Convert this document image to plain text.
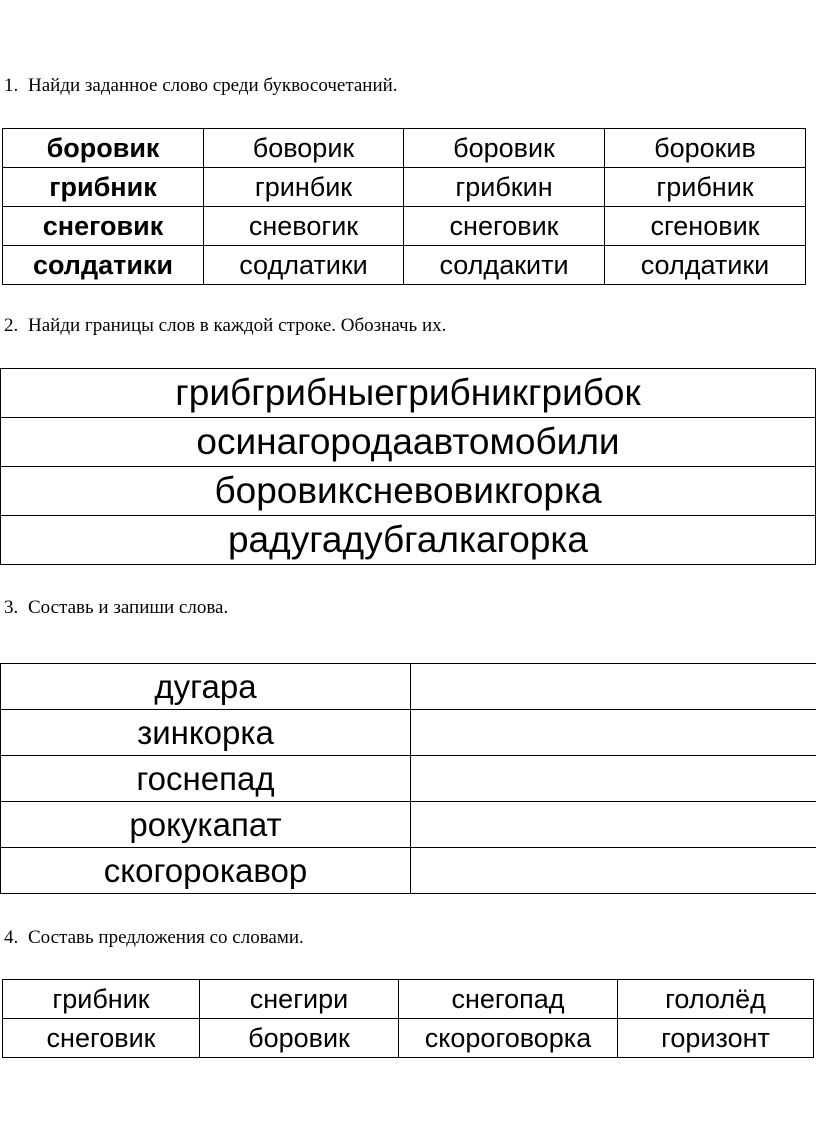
1. Найди заданное слово среди буквосочетаний.

боровик	боворик	боровик	борокив
грибник	гринбик	грибкин	грибник
снеговик	сневогик	снеговик	сгеновик
солдатики	содлатики	солдакити	солдатики

2. Найди границы слов в каждой строке. Обозначь их.

грибгрибныегрибникгрибок
осинагородаавтомобили
боровиксневовикгорка
радугадубгалкагорка

3. Составь и запиши слова.

дугара	
зинкорка	
госнепад	
рокукапат	
скогорокавор	

4. Составь предложения со словами.

грибник	снегири	снегопад	гололёд
снеговик	боровик	скороговорка	горизонт
